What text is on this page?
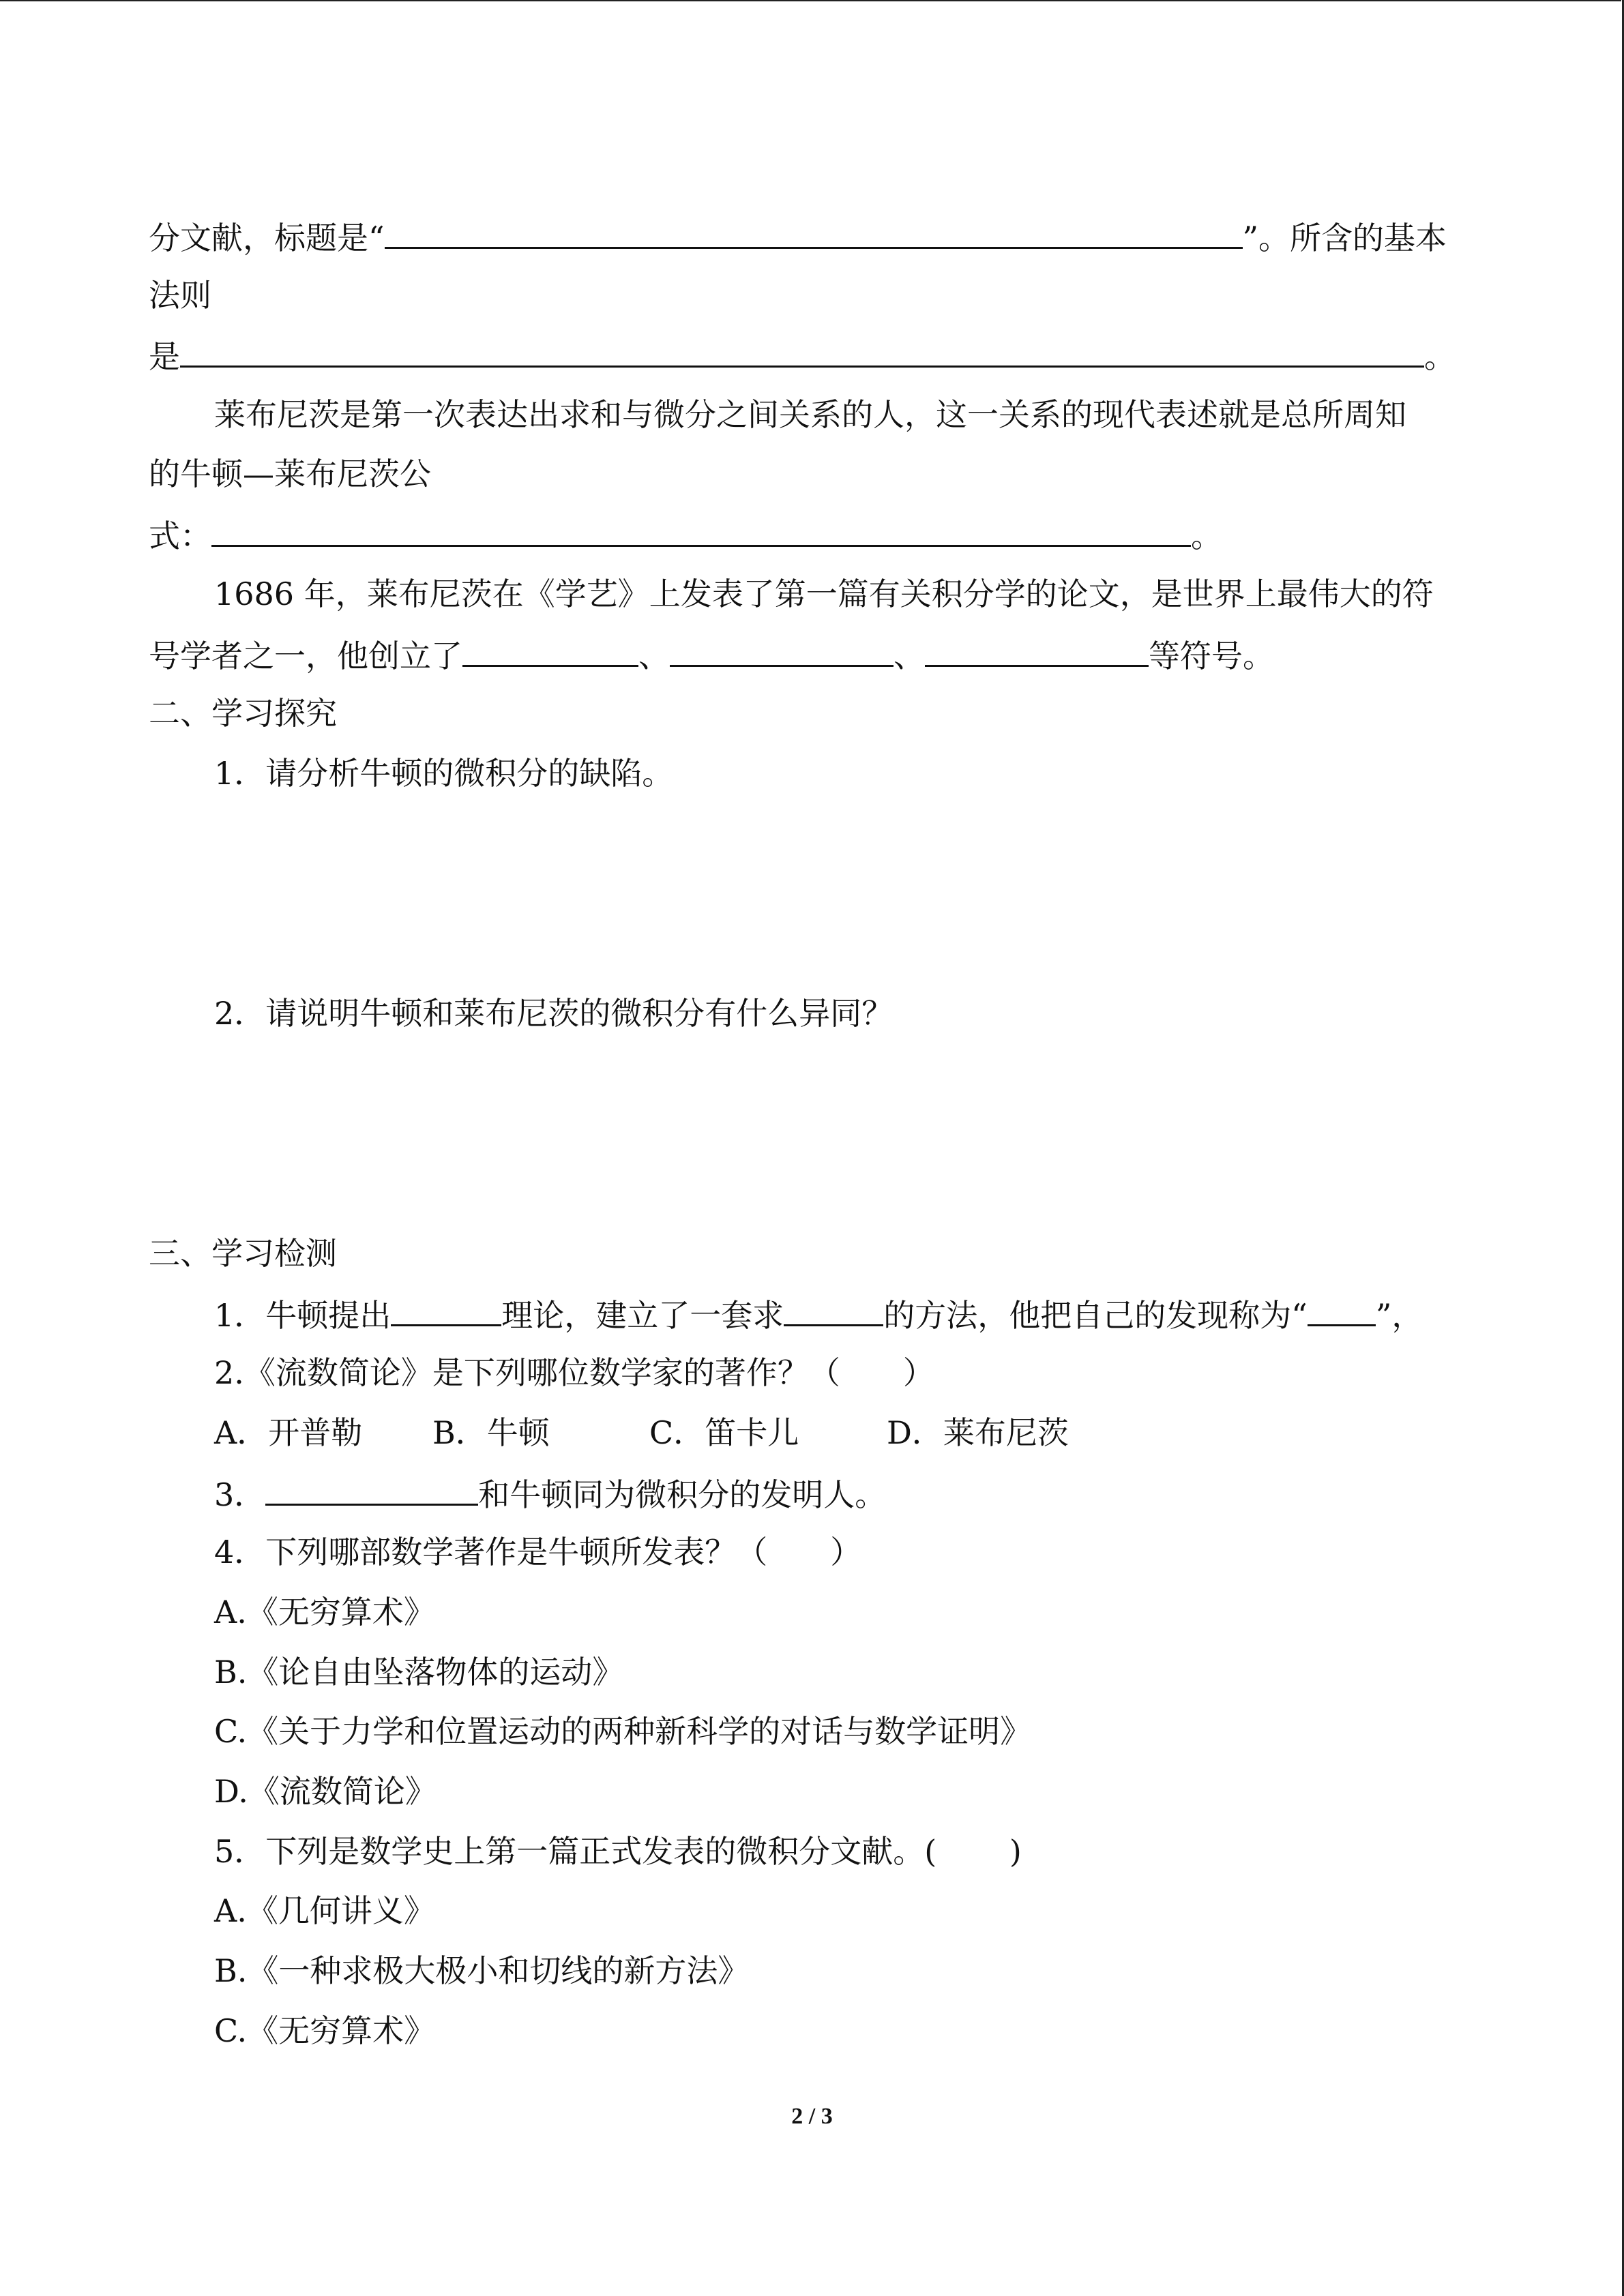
分文献，标题是“	”。所含的基本
法则
是	。
莱布尼茨是第一次表达出求和与微分之间关系的人，这一关系的现代表述就是总所周知
的牛顿—莱布尼茨公
式：	。
1686 年，莱布尼茨在《学艺》上发表了第一篇有关积分学的论文，是世界上最伟大的符
号学者之一，他创立了	、	、	等符号。
二、学习探究
1．请分析牛顿的微积分的缺陷。
2．请说明牛顿和莱布尼茨的微积分有什么异同？
三、学习检测
1．牛顿提出	理论，建立了一套求	的方法，他把自己的发现称为“ ”，
2.《流数简论》是下列哪位数学家的著作？（　　）
A．开普勒 B．牛顿	C．笛卡儿	D．莱布尼茨
3．	和牛顿同为微积分的发明人。
4．下列哪部数学著作是牛顿所发表？（　　）
A.《无穷算术》
B.《论自由坠落物体的运动》
C.《关于力学和位置运动的两种新科学的对话与数学证明》
D.《流数简论》
5．下列是数学史上第一篇正式发表的微积分文献。(　　 )
A.《几何讲义》
B.《一种求极大极小和切线的新方法》
C.《无穷算术》
2 / 3
